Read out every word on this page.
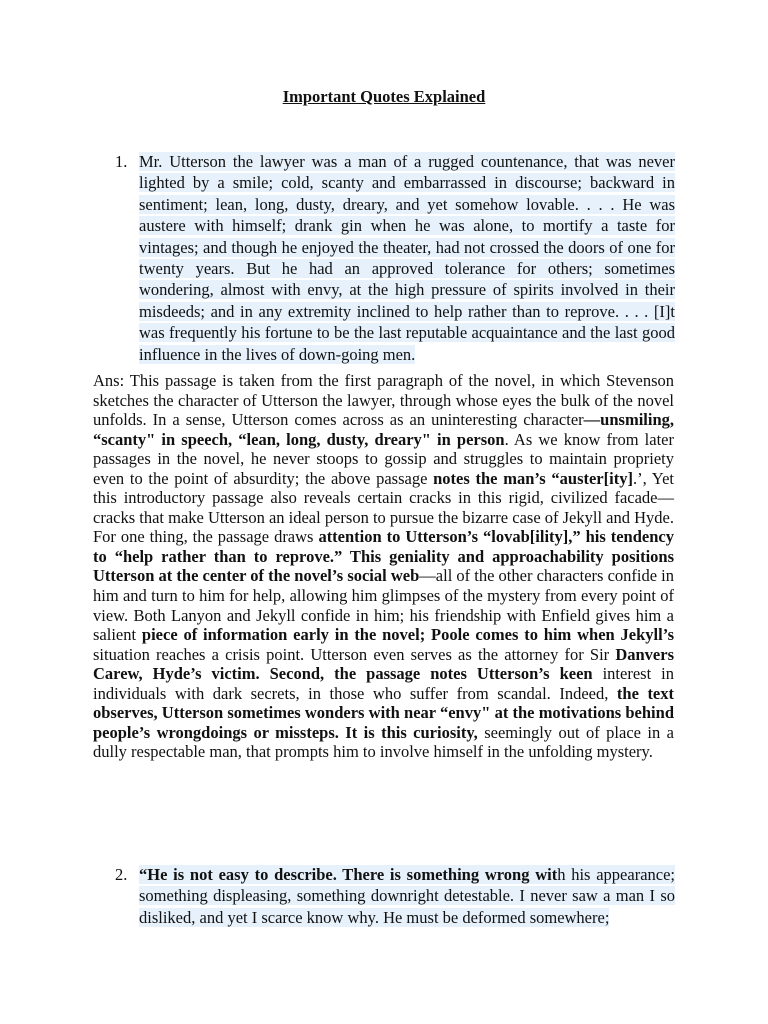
Important Quotes Explained
1. Mr. Utterson the lawyer was a man of a rugged countenance, that was never lighted by a smile; cold, scanty and embarrassed in discourse; backward in sentiment; lean, long, dusty, dreary, and yet somehow lovable. . . . He was austere with himself; drank gin when he was alone, to mortify a taste for vintages; and though he enjoyed the theater, had not crossed the doors of one for twenty years. But he had an approved tolerance for others; sometimes wondering, almost with envy, at the high pressure of spirits involved in their misdeeds; and in any extremity inclined to help rather than to reprove. . . . [I]t was frequently his fortune to be the last reputable acquaintance and the last good influence in the lives of down-going men.
Ans: This passage is taken from the first paragraph of the novel, in which Stevenson sketches the character of Utterson the lawyer, through whose eyes the bulk of the novel unfolds. In a sense, Utterson comes across as an uninteresting character—unsmiling, “scanty" in speech, “lean, long, dusty, dreary" in person. As we know from later passages in the novel, he never stoops to gossip and struggles to maintain propriety even to the point of absurdity; the above passage notes the man’s “auster[ity].’, Yet this introductory passage also reveals certain cracks in this rigid, civilized facade—cracks that make Utterson an ideal person to pursue the bizarre case of Jekyll and Hyde. For one thing, the passage draws attention to Utterson’s “lovab[ility],” his tendency to “help rather than to reprove.” This geniality and approachability positions Utterson at the center of the novel’s social web—all of the other characters confide in him and turn to him for help, allowing him glimpses of the mystery from every point of view. Both Lanyon and Jekyll confide in him; his friendship with Enfield gives him a salient piece of information early in the novel; Poole comes to him when Jekyll’s situation reaches a crisis point. Utterson even serves as the attorney for Sir Danvers Carew, Hyde’s victim. Second, the passage notes Utterson’s keen interest in individuals with dark secrets, in those who suffer from scandal. Indeed, the text observes, Utterson sometimes wonders with near “envy" at the motivations behind people’s wrongdoings or missteps. It is this curiosity, seemingly out of place in a dully respectable man, that prompts him to involve himself in the unfolding mystery.
2. “He is not easy to describe. There is something wrong with his appearance; something displeasing, something downright detestable. I never saw a man I so disliked, and yet I scarce know why. He must be deformed somewhere;
